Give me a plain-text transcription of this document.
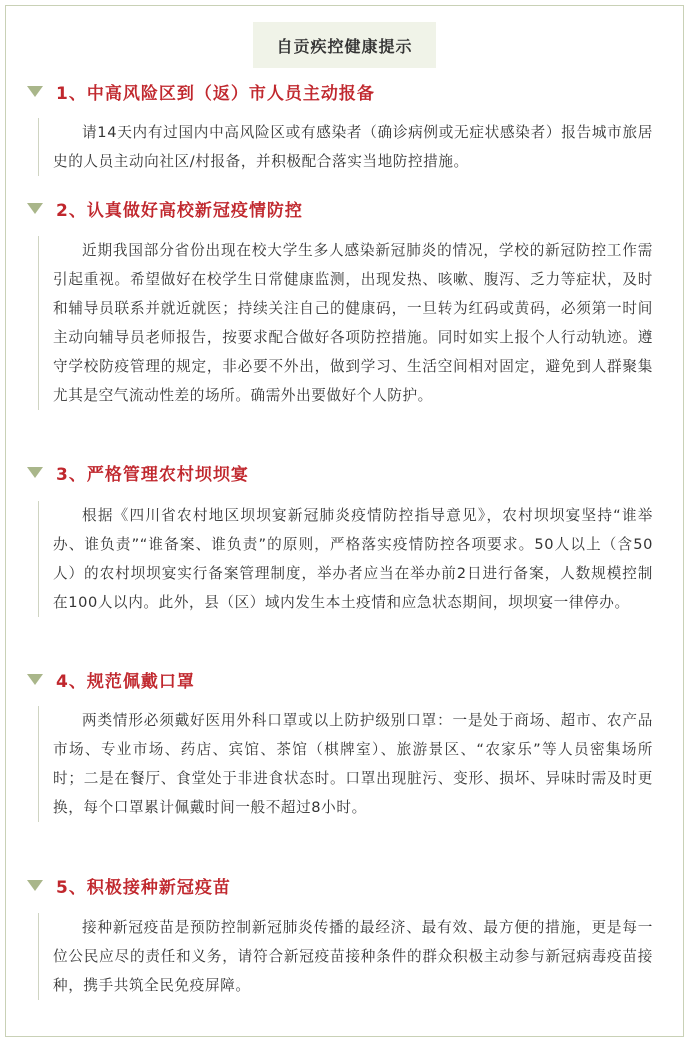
自贡疾控健康提示
1、中高风险区到（返）市人员主动报备

请14天内有过国内中高风险区或有感染者（确诊病例或无症状感染者）报告城市旅居史的人员主动向社区/村报备，并积极配合落实当地防控措施。

2、认真做好高校新冠疫情防控

近期我国部分省份出现在校大学生多人感染新冠肺炎的情况，学校的新冠防控工作需引起重视。希望做好在校学生日常健康监测，出现发热、咳嗽、腹泻、乏力等症状，及时和辅导员联系并就近就医；持续关注自己的健康码，一旦转为红码或黄码，必须第一时间主动向辅导员老师报告，按要求配合做好各项防控措施。同时如实上报个人行动轨迹。遵守学校防疫管理的规定，非必要不外出，做到学习、生活空间相对固定，避免到人群聚集尤其是空气流动性差的场所。确需外出要做好个人防护。

3、严格管理农村坝坝宴

根据《四川省农村地区坝坝宴新冠肺炎疫情防控指导意见》，农村坝坝宴坚持“谁举办、谁负责”“谁备案、谁负责”的原则，严格落实疫情防控各项要求。50人以上（含50人）的农村坝坝宴实行备案管理制度，举办者应当在举办前2日进行备案，人数规模控制在100人以内。此外，县（区）域内发生本土疫情和应急状态期间，坝坝宴一律停办。

4、规范佩戴口罩

两类情形必须戴好医用外科口罩或以上防护级别口罩：一是处于商场、超市、农产品市场、专业市场、药店、宾馆、茶馆（棋牌室）、旅游景区、“农家乐”等人员密集场所时；二是在餐厅、食堂处于非进食状态时。口罩出现脏污、变形、损坏、异味时需及时更换，每个口罩累计佩戴时间一般不超过8小时。

5、积极接种新冠疫苗

接种新冠疫苗是预防控制新冠肺炎传播的最经济、最有效、最方便的措施，更是每一位公民应尽的责任和义务，请符合新冠疫苗接种条件的群众积极主动参与新冠病毒疫苗接种，携手共筑全民免疫屏障。
